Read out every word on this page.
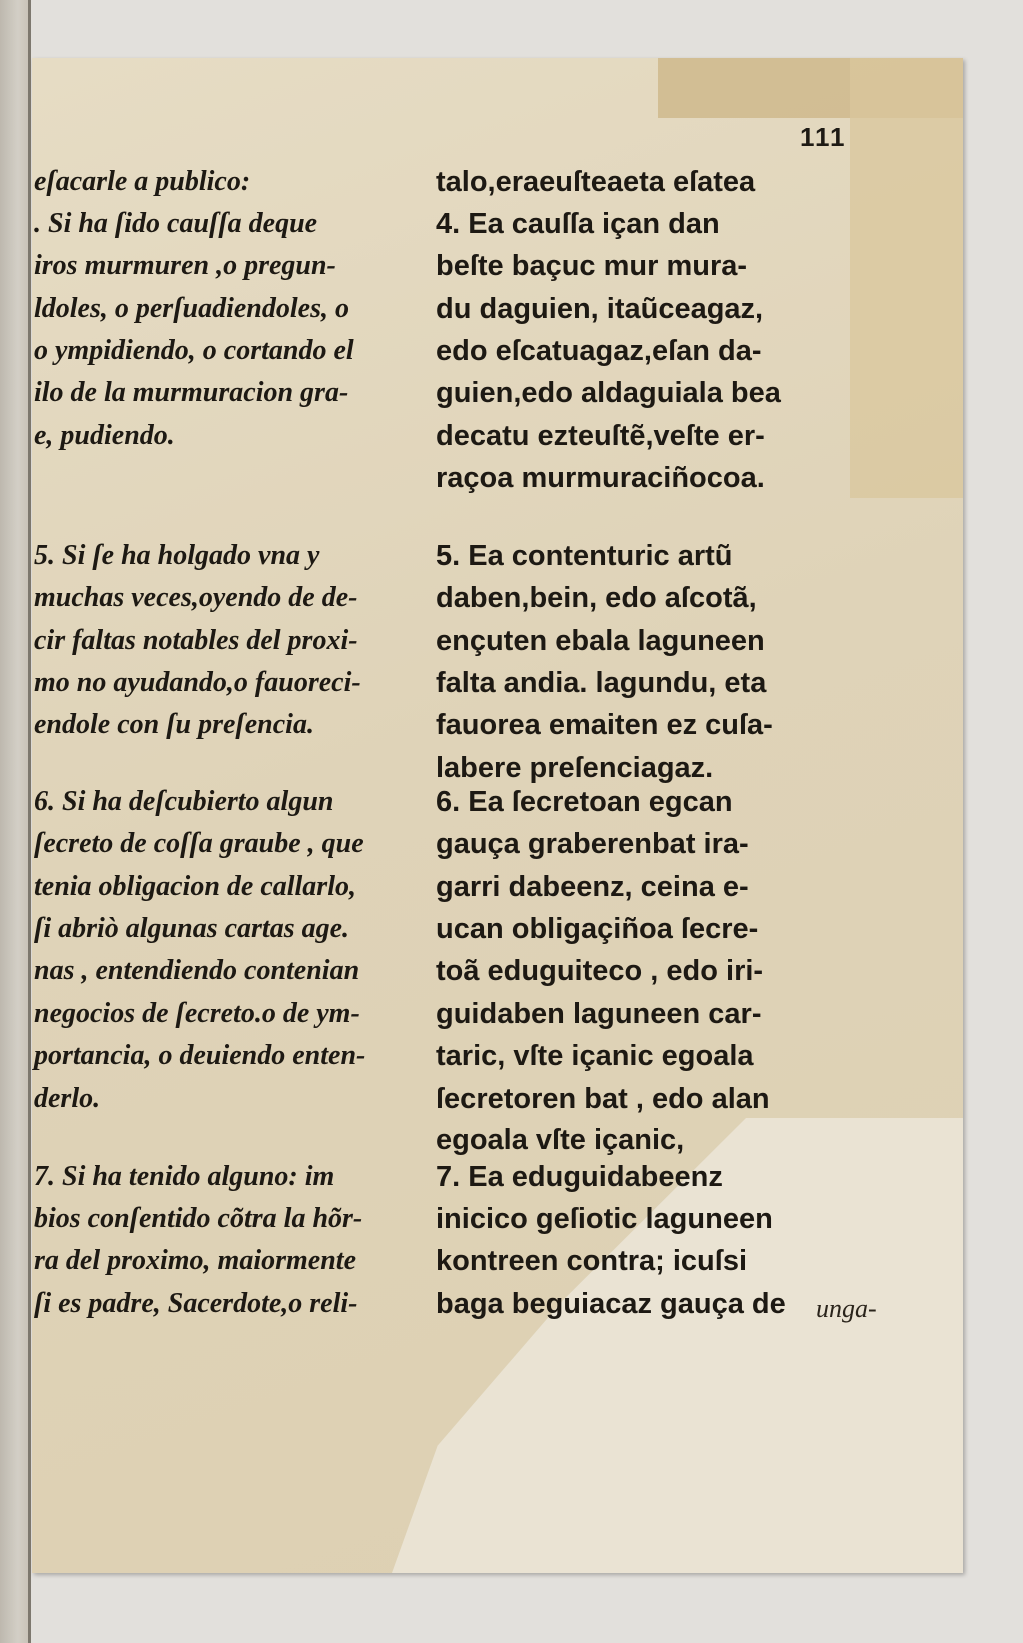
111
eſacarle a publico:
. Si ha ſido cauſſa deque
iros murmuren ,o pregun-
ldoles, o perſuadiendoles, o
o ympidiendo, o cortando el
ilo de la murmuracion gra-
e, pudiendo.
5. Si ſe ha holgado vna y
muchas veces,oyendo de de-
cir faltas notables del proxi-
mo no ayudando,o fauoreci-
endole con ſu preſencia.
6. Si ha deſcubierto algun
ſecreto de coſſa graube , que
tenia obligacion de callarlo,
ſi abriò algunas cartas age.
nas , entendiendo contenian
negocios de ſecreto.o de ym-
portancia, o deuiendo enten-
derlo.
7. Si ha tenido alguno: im
bios conſentido cõtra la hõr-
ra del proximo, maiormente
ſi es padre, Sacerdote,o reli-
talo,eraeuſteaeta eſatea
4. Ea cauſſa içan dan
beſte baçuc mur mura-
du daguien, itaũceagaz,
edo eſcatuagaz,eſan da-
guien,edo aldaguiala bea
decatu ezteuſtẽ,veſte er-
raçoa murmuraciñocoa.
5. Ea contenturic artũ
daben,bein, edo aſcotã,
ençuten ebala laguneen
falta andia. lagundu, eta
fauorea emaiten ez cuſa-
labere preſenciagaz.
6. Ea ſecretoan egcan
gauça graberenbat ira-
garri dabeenz, ceina e-
ucan obligaçiñoa ſecre-
toã eduguiteco , edo iri-
guidaben laguneen car-
taric, vſte içanic egoala
ſecretoren bat , edo alan
egoala vſte içanic,
7. Ea eduguidabeenz
inicico geſiotic laguneen
kontreen contra; icuſsi
baga beguiacaz gauça de unga-
